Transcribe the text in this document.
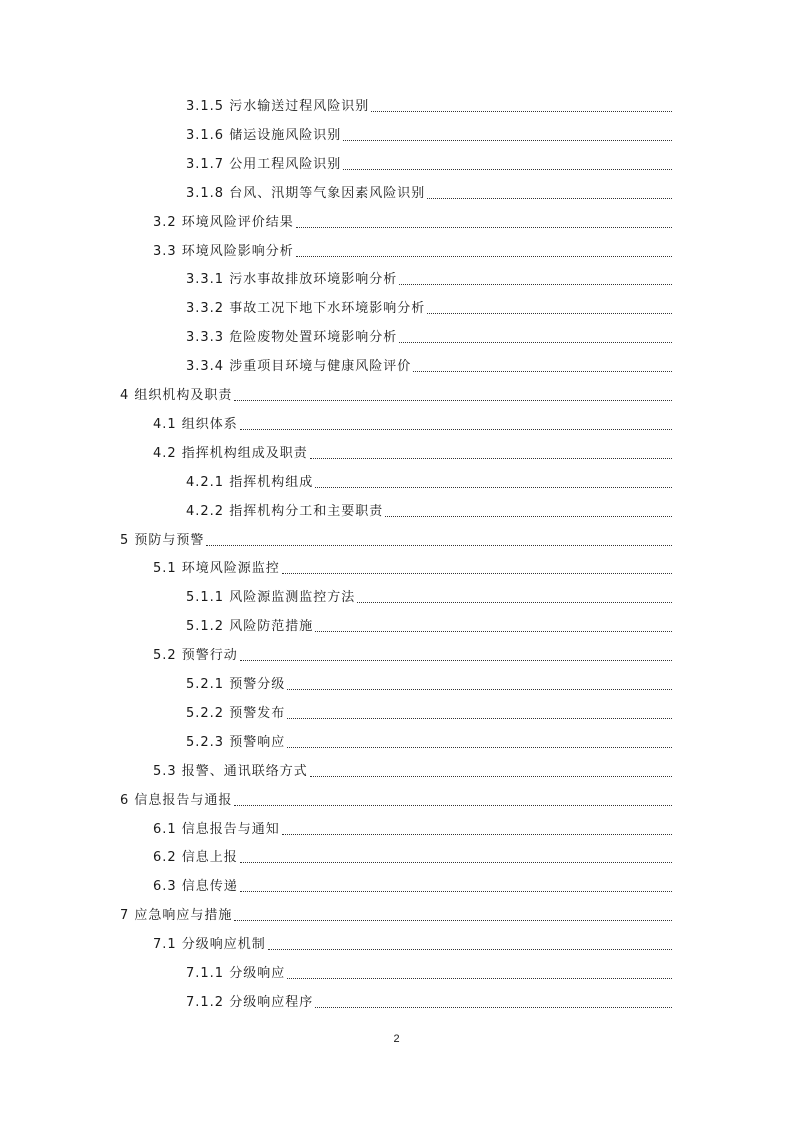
3.1.5 污水输送过程风险识别
3.1.6 储运设施风险识别
3.1.7 公用工程风险识别
3.1.8 台风、汛期等气象因素风险识别
3.2 环境风险评价结果
3.3 环境风险影响分析
3.3.1 污水事故排放环境影响分析
3.3.2 事故工况下地下水环境影响分析
3.3.3 危险废物处置环境影响分析
3.3.4 涉重项目环境与健康风险评价
4 组织机构及职责
4.1 组织体系
4.2 指挥机构组成及职责
4.2.1 指挥机构组成
4.2.2 指挥机构分工和主要职责
5 预防与预警
5.1 环境风险源监控
5.1.1 风险源监测监控方法
5.1.2 风险防范措施
5.2 预警行动
5.2.1 预警分级
5.2.2 预警发布
5.2.3 预警响应
5.3 报警、通讯联络方式
6 信息报告与通报
6.1 信息报告与通知
6.2 信息上报
6.3 信息传递
7 应急响应与措施
7.1 分级响应机制
7.1.1 分级响应
7.1.2 分级响应程序
2
